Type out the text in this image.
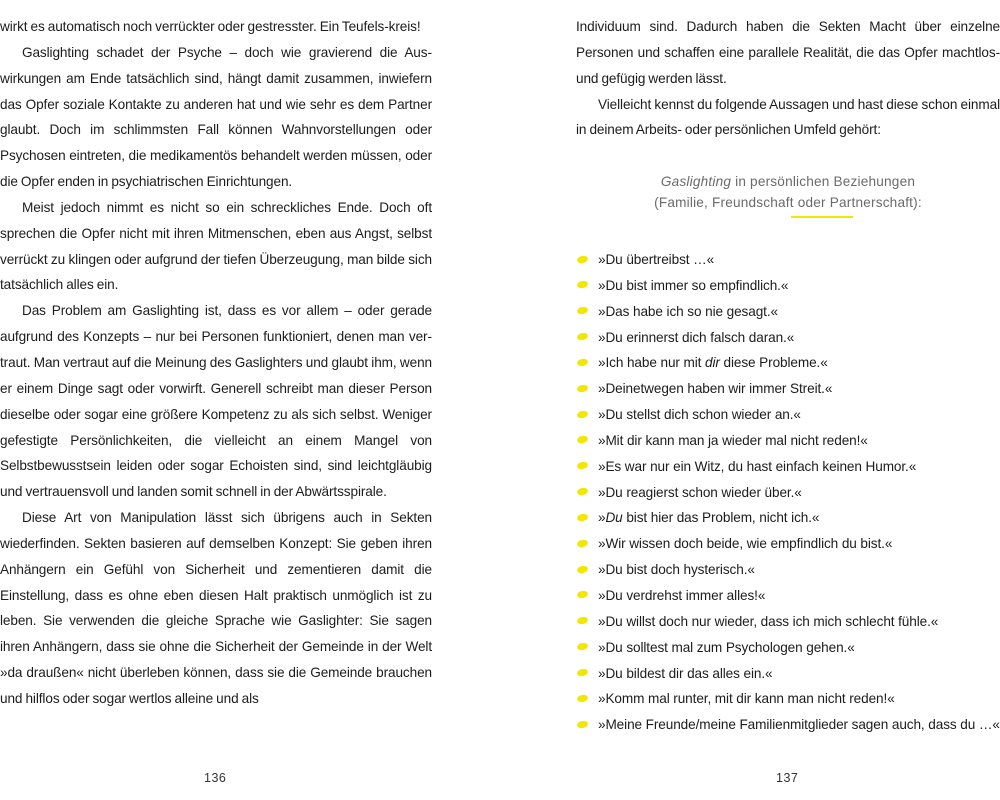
wirkt es automatisch noch verrückter oder gestresster. Ein Teufels-kreis!

Gaslighting schadet der Psyche – doch wie gravierend die Auswirkungen am Ende tatsächlich sind, hängt damit zusammen, inwiefern das Opfer soziale Kontakte zu anderen hat und wie sehr es dem Partner glaubt. Doch im schlimmsten Fall können Wahnvorstellungen oder Psychosen eintreten, die medikamentös behandelt werden müssen, oder die Opfer enden in psychiatrischen Einrichtungen.

Meist jedoch nimmt es nicht so ein schreckliches Ende. Doch oft sprechen die Opfer nicht mit ihren Mitmenschen, eben aus Angst, selbst verrückt zu klingen oder aufgrund der tiefen Überzeugung, man bilde sich tatsächlich alles ein.

Das Problem am Gaslighting ist, dass es vor allem – oder gerade aufgrund des Konzepts – nur bei Personen funktioniert, denen man vertraut. Man vertraut auf die Meinung des Gaslighters und glaubt ihm, wenn er einem Dinge sagt oder vorwirft. Generell schreibt man dieser Person dieselbe oder sogar eine größere Kompetenz zu als sich selbst. Weniger gefestigte Persönlichkeiten, die vielleicht an einem Mangel von Selbstbewusstsein leiden oder sogar Echoisten sind, sind leichtgläubig und vertrauensvoll und landen somit schnell in der Abwärtsspirale.

Diese Art von Manipulation lässt sich übrigens auch in Sekten wiederfinden. Sekten basieren auf demselben Konzept: Sie geben ihren Anhängern ein Gefühl von Sicherheit und zementieren damit die Einstellung, dass es ohne eben diesen Halt praktisch unmöglich ist zu leben. Sie verwenden die gleiche Sprache wie Gaslighter: Sie sagen ihren Anhängern, dass sie ohne die Sicherheit der Gemeinde in der Welt »da draußen« nicht überleben können, dass sie die Gemeinde brauchen und hilflos oder sogar wertlos alleine und als

136

Individuum sind. Dadurch haben die Sekten Macht über einzelne Personen und schaffen eine parallele Realität, die das Opfer machtlos- und gefügig werden lässt.

Vielleicht kennst du folgende Aussagen und hast diese schon einmal in deinem Arbeits- oder persönlichen Umfeld gehört:

Gaslighting in persönlichen Beziehungen
(Familie, Freundschaft oder Partnerschaft):
»Du übertreibst …«
»Du bist immer so empfindlich.«
»Das habe ich so nie gesagt.«
»Du erinnerst dich falsch daran.«
»Ich habe nur mit dir diese Probleme.«
»Deinetwegen haben wir immer Streit.«
»Du stellst dich schon wieder an.«
»Mit dir kann man ja wieder mal nicht reden!«
»Es war nur ein Witz, du hast einfach keinen Humor.«
»Du reagierst schon wieder über.«
»Du bist hier das Problem, nicht ich.«
»Wir wissen doch beide, wie empfindlich du bist.«
»Du bist doch hysterisch.«
»Du verdrehst immer alles!«
»Du willst doch nur wieder, dass ich mich schlecht fühle.«
»Du solltest mal zum Psychologen gehen.«
»Du bildest dir das alles ein.«
»Komm mal runter, mit dir kann man nicht reden!«
»Meine Freunde/meine Familienmitglieder sagen auch, dass du …«
137
